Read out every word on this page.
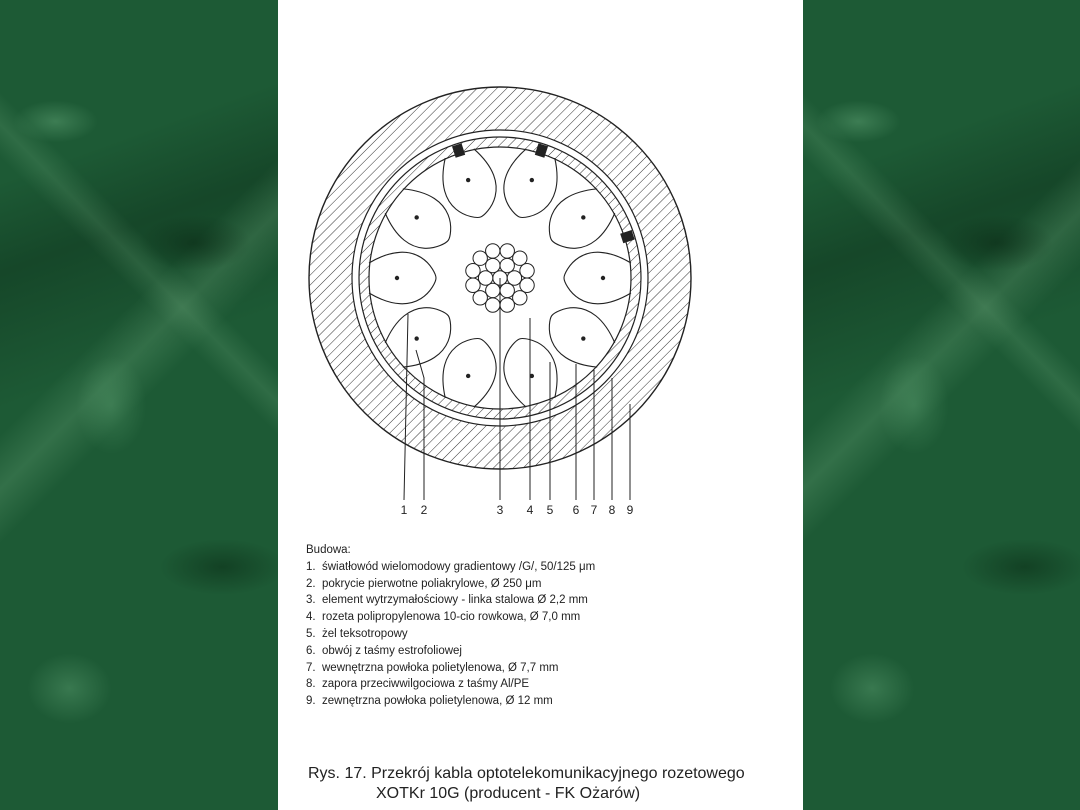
1 2	3 4 5 6 7 8 9
Budowa:
1. światłowód wielomodowy gradientowy /G/, 50/125 μm
2. pokrycie pierwotne poliakrylowe, Ø 250 μm
3. element wytrzymałościowy - linka stalowa Ø 2,2 mm
4. rozeta polipropylenowa 10-cio rowkowa, Ø 7,0 mm
5. żel teksotropowy
6. obwój z taśmy estrofoliowej
7. wewnętrzna powłoka polietylenowa, Ø 7,7 mm
8. zapora przeciwwilgociowa z taśmy Al/PE
9. zewnętrzna powłoka polietylenowa, Ø 12 mm
Rys. 17. Przekrój kabla optotelekomunikacyjnego rozetowego
XOTKr 10G (producent - FK Ożarów)
